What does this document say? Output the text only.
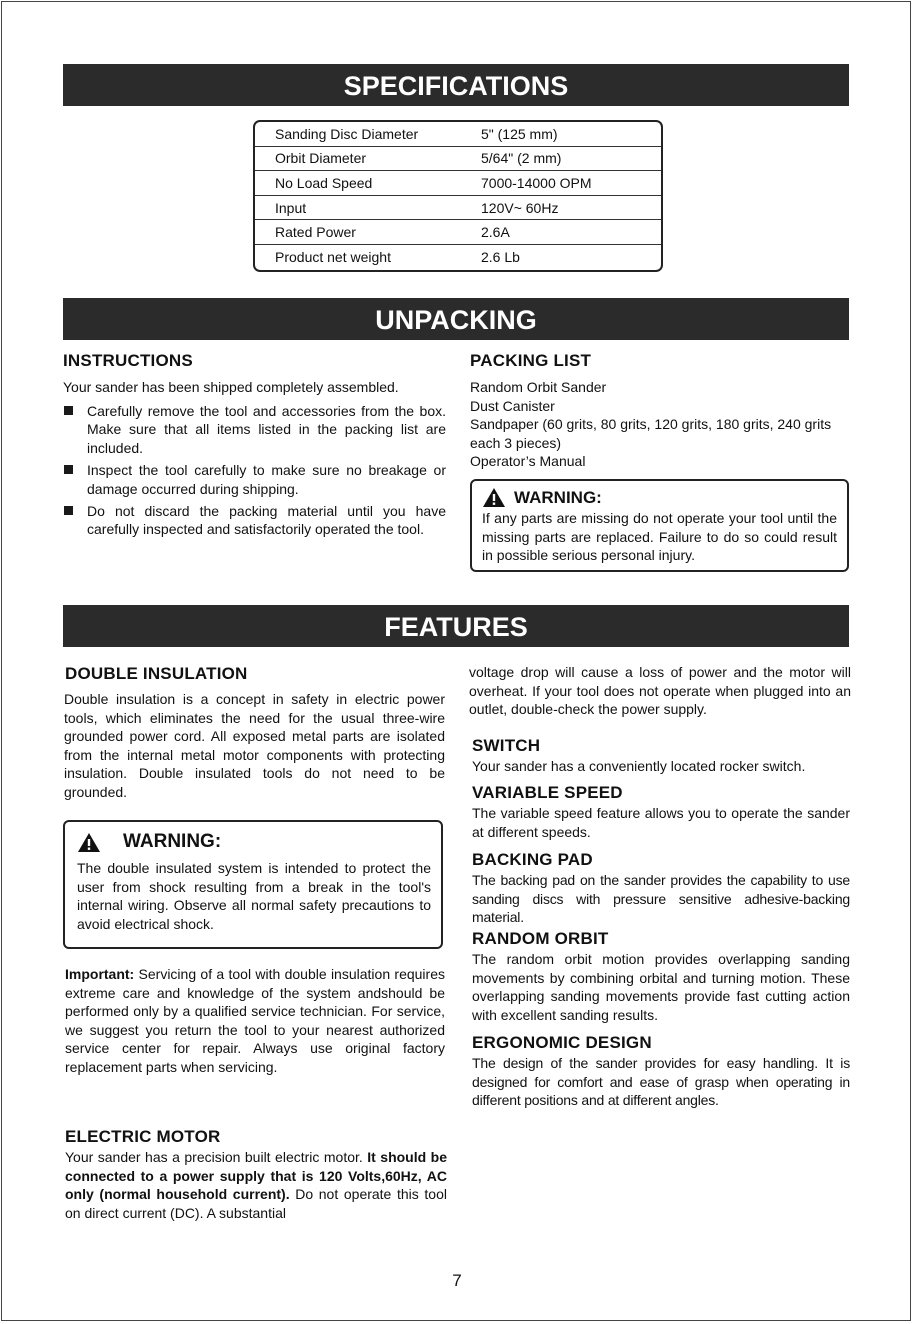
SPECIFICATIONS
Sanding Disc Diameter	5" (125 mm)
Orbit Diameter	5/64" (2 mm)
No Load Speed	7000-14000 OPM
Input	120V~ 60Hz
Rated Power	2.6A
Product net weight	2.6 Lb
UNPACKING
INSTRUCTIONS
Your sander has been shipped completely assembled.
Carefully remove the tool and accessories from the box. Make sure that all items listed in the packing list are included.
Inspect the tool carefully to make sure no breakage or damage occurred during shipping.
Do not discard the packing material until you have carefully inspected and satisfactorily operated the tool.
PACKING LIST

Random Orbit Sander

Dust Canister

Sandpaper (60 grits, 80 grits, 120 grits, 180 grits, 240 grits each 3 pieces)

Operator’s Manual

WARNING:
If any parts are missing do not operate your tool until the missing parts are replaced. Failure to do so could result in possible serious personal injury.
FEATURES
DOUBLE INSULATION
Double insulation is a concept in safety in electric power tools, which eliminates the need for the usual three-wire grounded power cord. All exposed metal parts are isolated from the internal metal motor components with protecting insulation. Double insulated tools do not need to be grounded.
WARNING:
The double insulated system is intended to protect the user from shock resulting from a break in the tool's internal wiring. Observe all normal safety precautions to avoid electrical shock.
Important: Servicing of a tool with double insulation requires extreme care and knowledge of the system andshould be performed only by a qualified service technician. For service, we suggest you return the tool to your nearest authorized service center for repair. Always use original factory replacement parts when servicing.
ELECTRIC MOTOR
Your sander has a precision built electric motor. It should be connected to a power supply that is 120 Volts,60Hz, AC only (normal household current). Do not operate this tool on direct current (DC). A substantial
voltage drop will cause a loss of power and the motor will overheat. If your tool does not operate when plugged into an outlet, double-check the power supply.
SWITCH
Your sander has a conveniently located rocker switch.
VARIABLE SPEED
The variable speed feature allows you to operate the sander at different speeds.
BACKING PAD
The backing pad on the sander provides the capability to use sanding discs with pressure sensitive adhesive-backing material.
RANDOM ORBIT
The random orbit motion provides overlapping sanding movements by combining orbital and turning motion. These overlapping sanding movements provide fast cutting action with excellent sanding results.
ERGONOMIC DESIGN
The design of the sander provides for easy handling. It is designed for comfort and ease of grasp when operating in different positions and at different angles.
7
